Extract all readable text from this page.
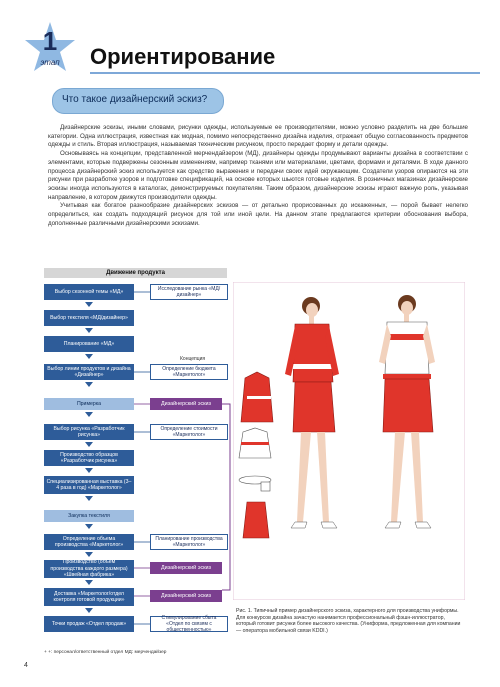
1
этап	Ориентирование
Что такое дизайнерский эскиз?

Дизайнерские эскизы, иными словами, рисунки одежды, используемые ее производителями, можно условно разделить на две большие категории. Одна иллюстрация, известная как модная, помимо непосредственно дизайна изделия, отражает общую согласованность предметов одежды и стиль. Вторая иллюстрация, называемая техническим рисунком, просто передает форму и детали одежды.

Основываясь на концепции, представленной мерчендайзером (МД), дизайнеры одежды продумывают варианты дизайна в соответствии с элементами, которые подвержены сезонным изменениям, например тканями или материалами, цветами, формами и деталями. В ходе данного процесса дизайнерский эскиз используется как средство выражения и передачи своих идей окружающим. Создатели узоров опираются на эти рисунки при разработке узоров и подготовке спецификаций, на основе которых шьются готовые изделия. В розничных магазинах дизайнерские эскизы иногда используются в каталогах, демонстрируемых покупателям. Таким образом, дизайнерские эскизы играют важную роль, указывая направление, в котором движутся производители одежды.

Учитывая как богатое разнообразие дизайнерских эскизов — от детально прорисованных до искаженных, — порой бывает нелегко определиться, как создать подходящий рисунок для той или иной цели. На данном этапе предлагаются критерии обоснования выбора, дополненные различными дизайнерскими эскизами.

Движение продукта
Выбор сезонной темы «МД»
Выбор текстиля «МД/дизайнер»
Планирование «МД»
Выбор линии продуктов и дизайна «Дизайнер»
Примерка
Выбор рисунка «Разработчик рисунка»
Производство образцов «Разработчик рисунка»
Специализированная выставка (3–4 раза в год) «Маркетолог»
Закупка текстиля
Определение объема производства «Маркетолог»
Производство (объем производства каждого размера) «Швейная фабрика»
Доставка «Маркетолог/отдел контроля готовой продукции»
Точки продаж «Отдел продаж»
Исследование рынка «МД/дизайнер»
Концепция
Определение бюджета «Маркетолог»
Дизайнерский эскиз
Определение стоимости «Маркетолог»
Планирование производства «Маркетолог»
Дизайнерский эскиз
Дизайнерский эскиз
Стимулирование сбыта «Отдел по связям с общественностью»
+ +: персонал/ответственный отдел МД: мерчендайзер
Рис. 1. Типичный пример дизайнерского эскиза, характерного для производства униформы. Для конкурсов дизайна зачастую нанимается профессиональный фэшн-иллюстратор, который готовит рисунки более высокого качества. (Униформа, предложенная для компании — оператора мобильной связи KDDI.)
4
